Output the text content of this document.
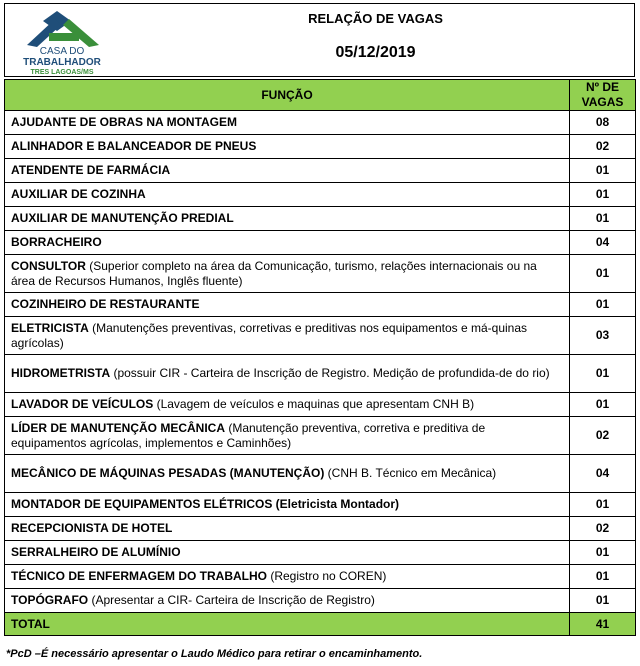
CASA DO
TRABALHADOR
TRES LAGOAS/MS
RELAÇÃO DE VAGAS
05/12/2019
FUNÇÃO	Nº DE
VAGAS
AJUDANTE DE OBRAS NA MONTAGEM	08
ALINHADOR E BALANCEADOR DE PNEUS	02
ATENDENTE DE FARMÁCIA	01
AUXILIAR DE COZINHA	01
AUXILIAR DE MANUTENÇÃO PREDIAL	01
BORRACHEIRO	04
CONSULTOR (Superior completo na área da Comunicação, turismo, relações internacionais ou na área de Recursos Humanos, Inglês fluente)	01
COZINHEIRO DE RESTAURANTE	01
ELETRICISTA (Manutenções preventivas, corretivas e preditivas nos equipamentos e má-quinas agrícolas)	03
HIDROMETRISTA (possuir CIR - Carteira de Inscrição de Registro. Medição de profundida-de do rio)	01
LAVADOR DE VEÍCULOS (Lavagem de veículos e maquinas que apresentam CNH B)	01
LÍDER DE MANUTENÇÃO MECÂNICA (Manutenção preventiva, corretiva e preditiva de equipamentos agrícolas, implementos e Caminhões)	02
MECÂNICO DE MÁQUINAS PESADAS (MANUTENÇÃO) (CNH B. Técnico em Mecânica)	04
MONTADOR DE EQUIPAMENTOS ELÉTRICOS (Eletricista Montador)	01
RECEPCIONISTA DE HOTEL	02
SERRALHEIRO DE ALUMÍNIO	01
TÉCNICO DE ENFERMAGEM DO TRABALHO (Registro no COREN)	01
TOPÓGRAFO (Apresentar a CIR- Carteira de Inscrição de Registro)	01
TOTAL	41
*PcD –É necessário apresentar o Laudo Médico para retirar o encaminhamento.
